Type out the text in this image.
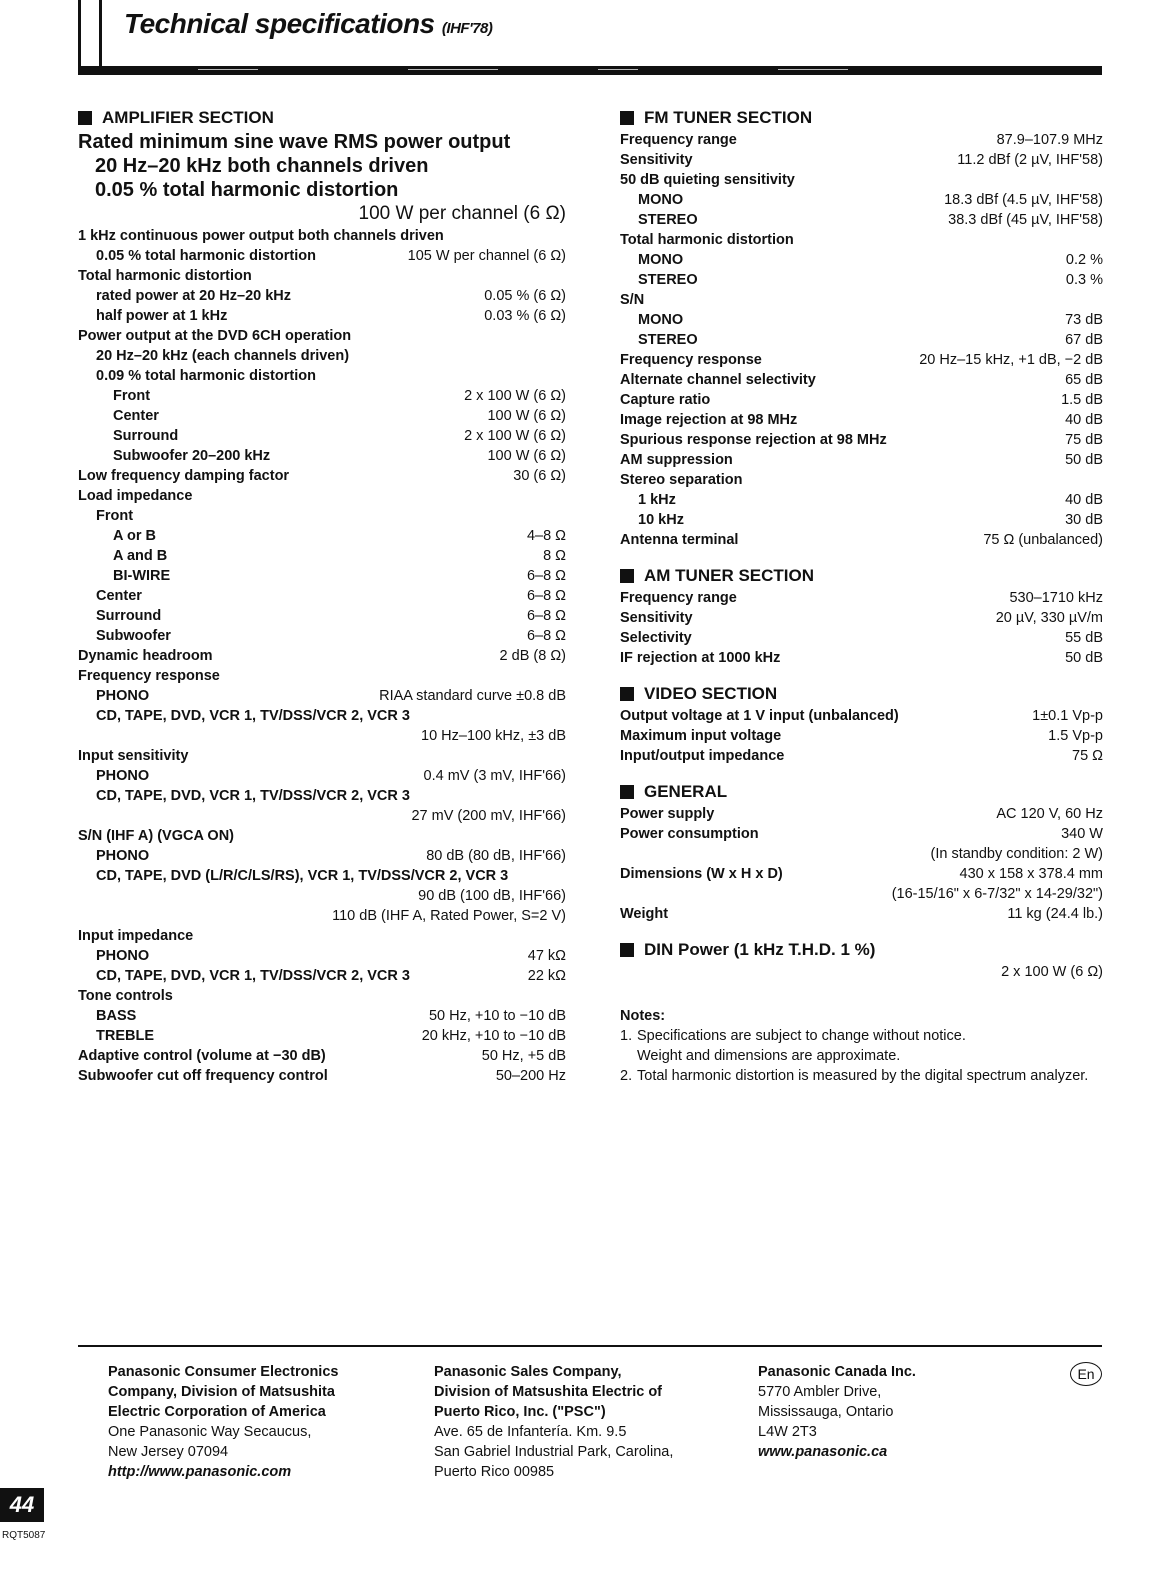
Technical specifications (IHF'78)
AMPLIFIER SECTION
Rated minimum sine wave RMS power output
20 Hz–20 kHz both channels driven
0.05 % total harmonic distortion
100 W per channel (6 Ω)
1 kHz continuous power output both channels driven
0.05 % total harmonic distortion	105 W per channel (6 Ω)
Total harmonic distortion
rated power at 20 Hz–20 kHz	0.05 % (6 Ω)
half power at 1 kHz	0.03 % (6 Ω)
Power output at the DVD 6CH operation
20 Hz–20 kHz (each channels driven)
0.09 % total harmonic distortion
Front	2 x 100 W (6 Ω)
Center	100 W (6 Ω)
Surround	2 x 100 W (6 Ω)
Subwoofer 20–200 kHz	100 W (6 Ω)
Low frequency damping factor	30 (6 Ω)
Load impedance
Front
A or B	4–8 Ω
A and B	8 Ω
BI-WIRE	6–8 Ω
Center	6–8 Ω
Surround	6–8 Ω
Subwoofer	6–8 Ω
Dynamic headroom	2 dB (8 Ω)
Frequency response
PHONO	RIAA standard curve ±0.8 dB
CD, TAPE, DVD, VCR 1, TV/DSS/VCR 2, VCR 3
10 Hz–100 kHz, ±3 dB
Input sensitivity
PHONO	0.4 mV (3 mV, IHF'66)
CD, TAPE, DVD, VCR 1, TV/DSS/VCR 2, VCR 3
27 mV (200 mV, IHF'66)
S/N (IHF A) (VGCA ON)
PHONO	80 dB (80 dB, IHF'66)
CD, TAPE, DVD (L/R/C/LS/RS), VCR 1, TV/DSS/VCR 2, VCR 3
90 dB (100 dB, IHF'66)
110 dB (IHF A, Rated Power, S=2 V)
Input impedance
PHONO	47 kΩ
CD, TAPE, DVD, VCR 1, TV/DSS/VCR 2, VCR 3	22 kΩ
Tone controls
BASS	50 Hz, +10 to −10 dB
TREBLE	20 kHz, +10 to −10 dB
Adaptive control (volume at −30 dB)	50 Hz, +5 dB
Subwoofer cut off frequency control	50–200 Hz
FM TUNER SECTION
Frequency range	87.9–107.9 MHz
Sensitivity	11.2 dBf (2 µV, IHF'58)
50 dB quieting sensitivity
MONO	18.3 dBf (4.5 µV, IHF'58)
STEREO	38.3 dBf (45 µV, IHF'58)
Total harmonic distortion
MONO	0.2 %
STEREO	0.3 %
S/N
MONO	73 dB
STEREO	67 dB
Frequency response	20 Hz–15 kHz, +1 dB, −2 dB
Alternate channel selectivity	65 dB
Capture ratio	1.5 dB
Image rejection at 98 MHz	40 dB
Spurious response rejection at 98 MHz	75 dB
AM suppression	50 dB
Stereo separation
1 kHz	40 dB
10 kHz	30 dB
Antenna terminal	75 Ω (unbalanced)
AM TUNER SECTION
Frequency range	530–1710 kHz
Sensitivity	20 µV, 330 µV/m
Selectivity	55 dB
IF rejection at 1000 kHz	50 dB
VIDEO SECTION
Output voltage at 1 V input (unbalanced)	1±0.1 Vp-p
Maximum input voltage	1.5 Vp-p
Input/output impedance	75 Ω
GENERAL
Power supply	AC 120 V, 60 Hz
Power consumption	340 W
(In standby condition: 2 W)
Dimensions (W x H x D)	430 x 158 x 378.4 mm
(16-15/16" x 6-7/32" x 14-29/32")
Weight	11 kg (24.4 lb.)
DIN Power (1 kHz T.H.D. 1 %)
2 x 100 W (6 Ω)
Notes:
1. Specifications are subject to change without notice.
Weight and dimensions are approximate.
2. Total harmonic distortion is measured by the digital spectrum analyzer.
Panasonic Consumer Electronics
Company, Division of Matsushita
Electric Corporation of America
One Panasonic Way Secaucus,
New Jersey 07094
http://www.panasonic.com
Panasonic Sales Company,
Division of Matsushita Electric of
Puerto Rico, Inc. ("PSC")
Ave. 65 de Infantería. Km. 9.5
San Gabriel Industrial Park, Carolina,
Puerto Rico 00985
Panasonic Canada Inc.
5770 Ambler Drive,
Mississauga, Ontario
L4W 2T3
www.panasonic.ca
En
44
RQT5087
